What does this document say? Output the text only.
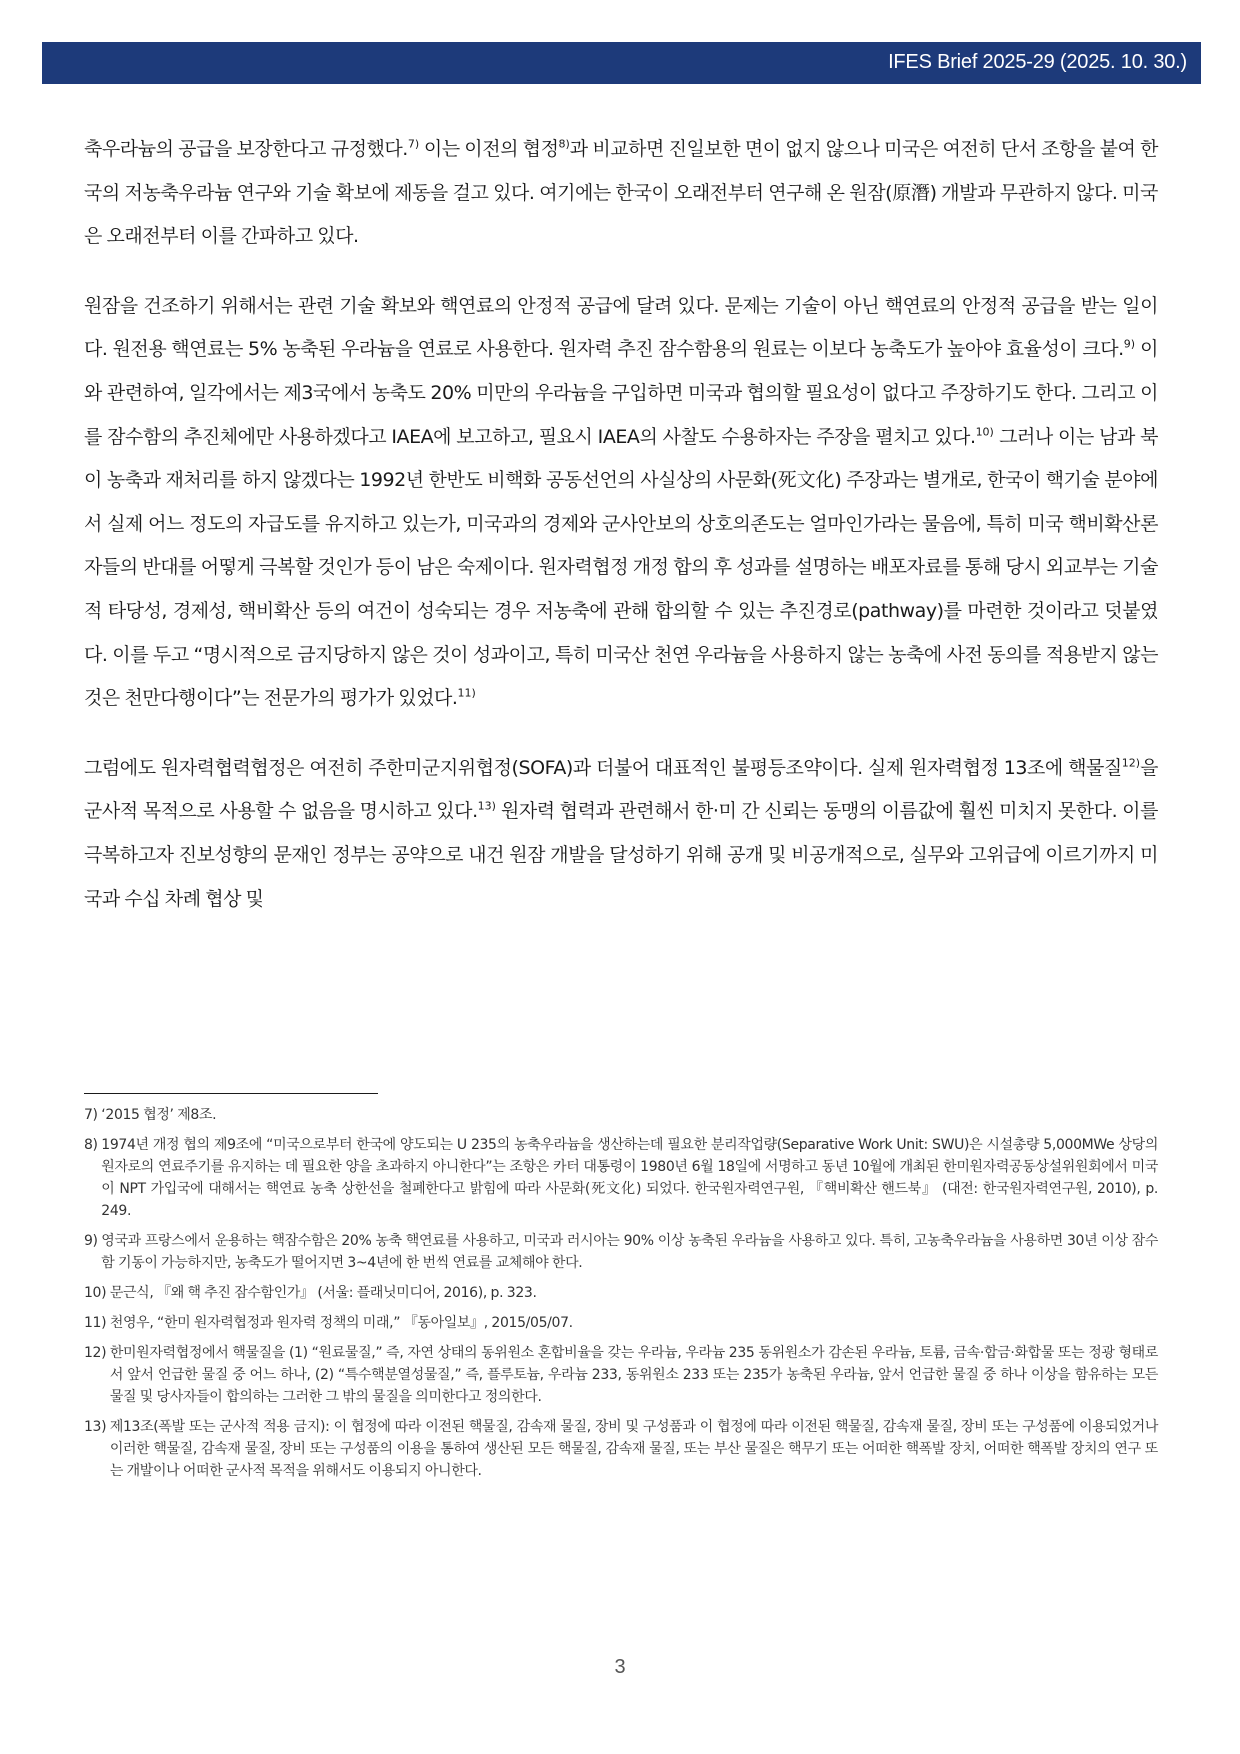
IFES Brief 2025-29 (2025. 10. 30.)

축우라늄의 공급을 보장한다고 규정했다.$^{7)}$ 이는 이전의 협정$^{8)}$과 비교하면 진일보한 면이 없지 않으나 미국은 여전히 단서 조항을 붙여 한국의 저농축우라늄 연구와 기술 확보에 제동을 걸고 있다. 여기에는 한국이 오래전부터 연구해 온 원잠(原潛) 개발과 무관하지 않다. 미국은 오래전부터 이를 간파하고 있다.

원잠을 건조하기 위해서는 관련 기술 확보와 핵연료의 안정적 공급에 달려 있다. 문제는 기술이 아닌 핵연료의 안정적 공급을 받는 일이다. 원전용 핵연료는 5% 농축된 우라늄을 연료로 사용한다. 원자력 추진 잠수함용의 원료는 이보다 농축도가 높아야 효율성이 크다.$^{9)}$ 이와 관련하여, 일각에서는 제3국에서 농축도 20% 미만의 우라늄을 구입하면 미국과 협의할 필요성이 없다고 주장하기도 한다. 그리고 이를 잠수함의 추진체에만 사용하겠다고 IAEA에 보고하고, 필요시 IAEA의 사찰도 수용하자는 주장을 펼치고 있다.$^{10)}$ 그러나 이는 남과 북이 농축과 재처리를 하지 않겠다는 1992년 한반도 비핵화 공동선언의 사실상의 사문화(死文化) 주장과는 별개로, 한국이 핵기술 분야에서 실제 어느 정도의 자급도를 유지하고 있는가, 미국과의 경제와 군사안보의 상호의존도는 얼마인가라는 물음에, 특히 미국 핵비확산론자들의 반대를 어떻게 극복할 것인가 등이 남은 숙제이다. 원자력협정 개정 합의 후 성과를 설명하는 배포자료를 통해 당시 외교부는 기술적 타당성, 경제성, 핵비확산 등의 여건이 성숙되는 경우 저농축에 관해 합의할 수 있는 추진경로(pathway)를 마련한 것이라고 덧붙였다. 이를 두고 “명시적으로 금지당하지 않은 것이 성과이고, 특히 미국산 천연 우라늄을 사용하지 않는 농축에 사전 동의를 적용받지 않는 것은 천만다행이다”는 전문가의 평가가 있었다.$^{11)}$

그럼에도 원자력협력협정은 여전히 주한미군지위협정(SOFA)과 더불어 대표적인 불평등조약이다. 실제 원자력협정 13조에 핵물질$^{12)}$을 군사적 목적으로 사용할 수 없음을 명시하고 있다.$^{13)}$ 원자력 협력과 관련해서 한·미 간 신뢰는 동맹의 이름값에 훨씬 미치지 못한다. 이를 극복하고자 진보성향의 문재인 정부는 공약으로 내건 원잠 개발을 달성하기 위해 공개 및 비공개적으로, 실무와 고위급에 이르기까지 미국과 수십 차례 협상 및

7) ‘2015 협정’ 제8조.
8) 1974년 개정 협의 제9조에 “미국으로부터 한국에 양도되는 U 235의 농축우라늄을 생산하는데 필요한 분리작업량(Separative Work Unit: SWU)은 시설총량 5,000MWe 상당의 원자로의 연료주기를 유지하는 데 필요한 양을 초과하지 아니한다”는 조항은 카터 대통령이 1980년 6월 18일에 서명하고 동년 10월에 개최된 한미원자력공동상설위원회에서 미국이 NPT 가입국에 대해서는 핵연료 농축 상한선을 철폐한다고 밝힘에 따라 사문화(死文化) 되었다. 한국원자력연구원, 『핵비확산 핸드북』 (대전: 한국원자력연구원, 2010), p. 249.
9) 영국과 프랑스에서 운용하는 핵잠수함은 20% 농축 핵연료를 사용하고, 미국과 러시아는 90% 이상 농축된 우라늄을 사용하고 있다. 특히, 고농축우라늄을 사용하면 30년 이상 잠수함 기동이 가능하지만, 농축도가 떨어지면 3~4년에 한 번씩 연료를 교체해야 한다.
10) 문근식, 『왜 핵 추진 잠수함인가』 (서울: 플래닛미디어, 2016), p. 323.
11) 천영우, “한미 원자력협정과 원자력 정책의 미래,” 『동아일보』, 2015/05/07.
12) 한미원자력협정에서 핵물질을 (1) “원료물질,” 즉, 자연 상태의 동위원소 혼합비율을 갖는 우라늄, 우라늄 235 동위원소가 감손된 우라늄, 토륨, 금속·합금·화합물 또는 정광 형태로서 앞서 언급한 물질 중 어느 하나, (2) “특수핵분열성물질,” 즉, 플루토늄, 우라늄 233, 동위원소 233 또는 235가 농축된 우라늄, 앞서 언급한 물질 중 하나 이상을 함유하는 모든 물질 및 당사자들이 합의하는 그러한 그 밖의 물질을 의미한다고 정의한다.
13) 제13조(폭발 또는 군사적 적용 금지): 이 협정에 따라 이전된 핵물질, 감속재 물질, 장비 및 구성품과 이 협정에 따라 이전된 핵물질, 감속재 물질, 장비 또는 구성품에 이용되었거나 이러한 핵물질, 감속재 물질, 장비 또는 구성품의 이용을 통하여 생산된 모든 핵물질, 감속재 물질, 또는 부산 물질은 핵무기 또는 어떠한 핵폭발 장치, 어떠한 핵폭발 장치의 연구 또는 개발이나 어떠한 군사적 목적을 위해서도 이용되지 아니한다.
3
